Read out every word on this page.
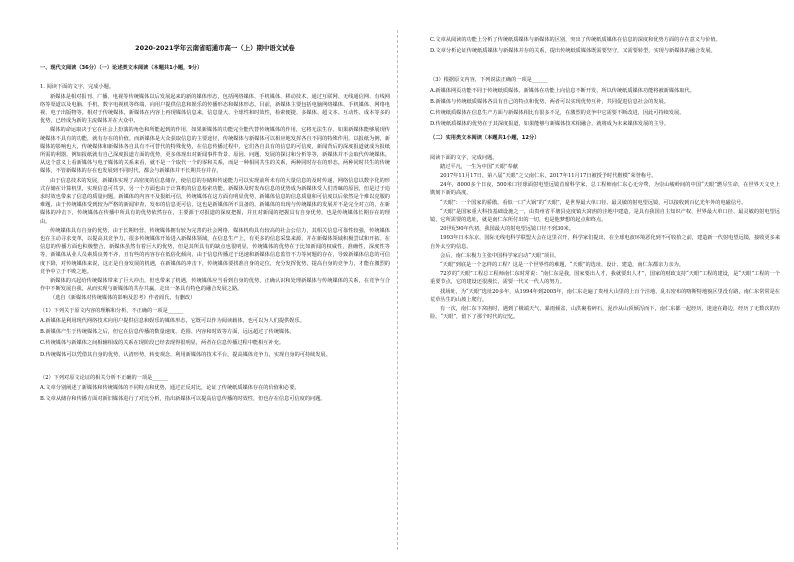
2020-2021学年云南省昭通市高一（上）期中语文试卷
一、现代文阅读（36分）（一）论述类文本阅读（本题共1小题，9分）

1. 阅读下面的文字，完成小题。

新媒体是相对报刊、广播、电视等传统媒体以后发展起来的新的媒体形态，包括网络媒体、手机媒体、移动技术，通过互联网、无线通信网、有线网络等渠道以及电脑、手机、数字电视机等终端，向用户提供信息和娱乐的传播形态和媒体形态。目前，新媒体主要包括电脑网络媒体、手机媒体、网络电视、电子出版物等。相对于传统媒体，新媒体在内容上再现媒体信息来，信息量大、全球性和时效性，检索便捷、多媒体、超文本、互动性、成本等多的优势，已经成为新的主流媒体并在大众中。

媒体的命运取决于它在社会上扮演的角色和所能起到的作用，如果新媒体的功能完全能代替传统媒体的作用，它将无法生存。如果新媒体能够展现传统媒体不具有的功能，就有存在的价值。而新媒体是大众获取信息的主要途径，传统媒体与新媒体可以相应地发挥各自不同的特殊作用。以报纸为例，新媒体的影响也大，传统媒体和新媒体各自具有不可替代的特殊优势，在信息传播过程中，它们各自具有的信息的可信度，新闻背后的深度报道就成为报纸所需的利器。例如报纸就有自己深度报道方面的优势，更多体现出对新闻事件背景、原因、问题、发展的探讨和分析等等，新媒体并不会取代传统媒体。从这个意义上看新媒体与电子媒体的关系来看，就不是一个取代一个的零和关系，而是一种相同共生的关系，两种同时存在的形态。两种同时共生的传统媒体，不管新媒体的存在也发展到不同时代，都会与新媒体并不长期共存并存。

由于信息技术的发展，新媒体实现了高密度的信息储存，使信息的存储和传递能力可以实现前所未有的大量信息的及时传递，网络信息以数字化的形式存储在计算机里，实现信息可共享，另一个方面也由于计算机的信息检索功能。新媒体及时发布信息的优势成为新媒体受人们青睐的原因，但是过于追求时效也带来了信息的质量问题，新媒体的内容不及报纸可信，传统媒体在这方面有明显优势，新媒体信息的信息质量和可信度以后依然是个难以克服的难题，由于传统媒体受到较为严格的新闻审查，发布的信息更可信，这也是新媒体所不具备的。新媒体的出现与传统媒体的发展并不是完全对立的，在新媒体的冲击下，传统媒体在传播中所具有的优势依然存在，主要源于对报道的深度把握，并且对新闻的把握具有自身优势，也是传统媒体长期存在的理由。

传统媒体具有自身的优势，由于长期经营，传统媒体拥有较为完善的社会网络，媒体机构具有较高的社会公信力，其相关信息可靠性较强，传统媒体也在主动寻求变革，以提高其竞争力，很多传统媒体开始进入新媒体领域，在信息生产上，有更多的信息采集来源，并在新媒体领域积极尝试和开拓。在信息的传播方面也积极整合，新媒体虽然有着巨大的优势，但是其所具有的缺点也很明显，传统媒体的优势在于比如新闻的权威性，准确性，深度性等等，新媒体从业人员素质良莠不齐，且有些的内容存在低俗化倾向，由于信息传播过于迅速和新媒体信息监管不力等问题的存在，导致新媒体信息的可信度下降，对传统媒体来说，这正是自身发展的机遇，在新媒体的冲击下，传统媒体要找准自身的定位，充分发挥优势，提高自身的竞争力，才能在激烈的竞争中立于不败之地。

新媒体的兴起给传统媒体带来了巨大冲击，但也带来了机遇，传统媒体应当看到自身的优势，正确认识和处理新媒体与传统媒体的关系，在竞争与合作中不断发展自我，从而实现与新媒体的共存共赢，走出一条具有特色的融合发展之路。

（选自《新媒体对传统媒体的影响及思考》作者阎氏，有删改）

（1）下列关于原文内容的理解和分析，不正确的一项是______
A.新媒体是利用现代网络技术向用户提供信息和娱乐的媒体形态，它既可以作为阅读载体，也可以为人们提供娱乐。
B.新媒体产生于传统媒体之后，但它在信息传播的数量速度、范围、内容和时效等方面，远远超过了传统媒体。
C.传统媒体与新媒体之间相辅相成的关系在现阶段已经表现得很明显，两者在信息传播过程中能相互补充。
D.传统媒体可以凭借其自身的优势，认清形势，转变观念，利用新媒体的技术平台，提高媒体竞争力，实现自身的可持续发展。
（2）下列对原文论证的相关分析不正确的一项是______
A.文章分别阐述了新媒体和传统媒体的不同特点和优势，通过正反对比，论证了传统纸质媒体存在的价值和必要。
B.文章从储存和传播方面对新旧媒体进行了对比分析，指出新媒体可以提高信息传播的时效性，但也存在信息可信度的问题。
C.文章从阅读的功能上分析了传统纸质媒体与新媒体的区别，突出了传统纸质媒体在信息的深度和优势方面的存在意义与价值。
D.文章分析论证传统纸质媒体与新媒体并存的关系，提出传统纸质媒体既需要坚守，又需要转型，实现与新媒体的融合发展。
（3）根据原文内容，下列说法正确的一项是______
A.新媒体网页功能不同于传统纸质媒体，新媒体在功能上向信息不断开发，所以传统纸质媒体功能将被新媒体取代。
B.新媒体与传统纸质媒体各具有自己的特点和优势，两者可以实现优势互补，共同促进信息社会的发展。
C.传统纸质媒体在信息生产方面与新媒体相比有很多不足，在激烈的竞争中它需要不断改进，因此可持续发展。
D.传统纸质媒体的优势在于其深度报道，如果能够与新媒体技术相融合，就将成为未来媒体发展的主导。
（二）实用类文本阅读（本题共1小题，12分）

阅读下面的文字，完成问题。

踏过平凡，一生为中国“天眼”奉献

2017年11月17日，第八届“天眼”之父南仁东，2017年11月17日被授予时代楷模“荣誉称号。

24年，8000多个日夜，500米口径球面射电望远镜首席科学家、总工程师南仁东心无旁骛，为崇山峻岭间的中国“天眼”燃尽生命，在世界天文史上镌刻下新的高度。

“天眼”：一个国家的骄傲。看似一口“大锅”的“天眼”，是世界最大单口径、最灵敏的射电望远镜，可以接收到百亿光年外的电磁信号。

“天眼”是国家重大科技基础设施之一，由贵州省平塘县克度镇大窝凼的洼地中建造，是具有我国自主知识产权、世界最大单口径、最灵敏的射电望远镜，它所需要的选址，就是南仁东所付出的一切，也是他梦想的起点和终点。

20世纪90年代初，我国最大的射电望远镜口径不到30米。

1993年日本东京，国际无线电科学联盟大会在这里召开，科学家们提出，在全球电波环境恶化到不可收拾之前，建造新一代射电望远镜，接收更多来自外太空的信息。

会后，南仁东极力主张中国科学家启动“天眼”项目。

“天眼”到底是一个怎样的工程？这是一个世界性的难题，“天眼”的选址、设计、建造，南仁东都亲力亲为。

72岁的“天眼”工程总工程师南仁东时常说：“南仁东是我，国家要出人才，我就要出人才”，国家的财政支持“天眼”工程的建设，是“天眼”工程的一个重要节点，它的建设还很漫长，需要一代又一代人的努力。

找场址，为“天眼”选址20多年，从1994年到2005年，南仁东走遍了贵州大山里的上百个洼地，乱石密布的喀斯特地貌区里没有路，南仁东常常是在荒草丛生的山坡上爬行。

有一次，南仁东下窝凼时，遇到了极端天气，暴雨倾盆，山洪裹着碎石，泥沙从山顶倾泻而下，南仁东都一起经历，迷途在路边，经历了无数次的历险。“天眼”，留下了那个时代的记忆。
